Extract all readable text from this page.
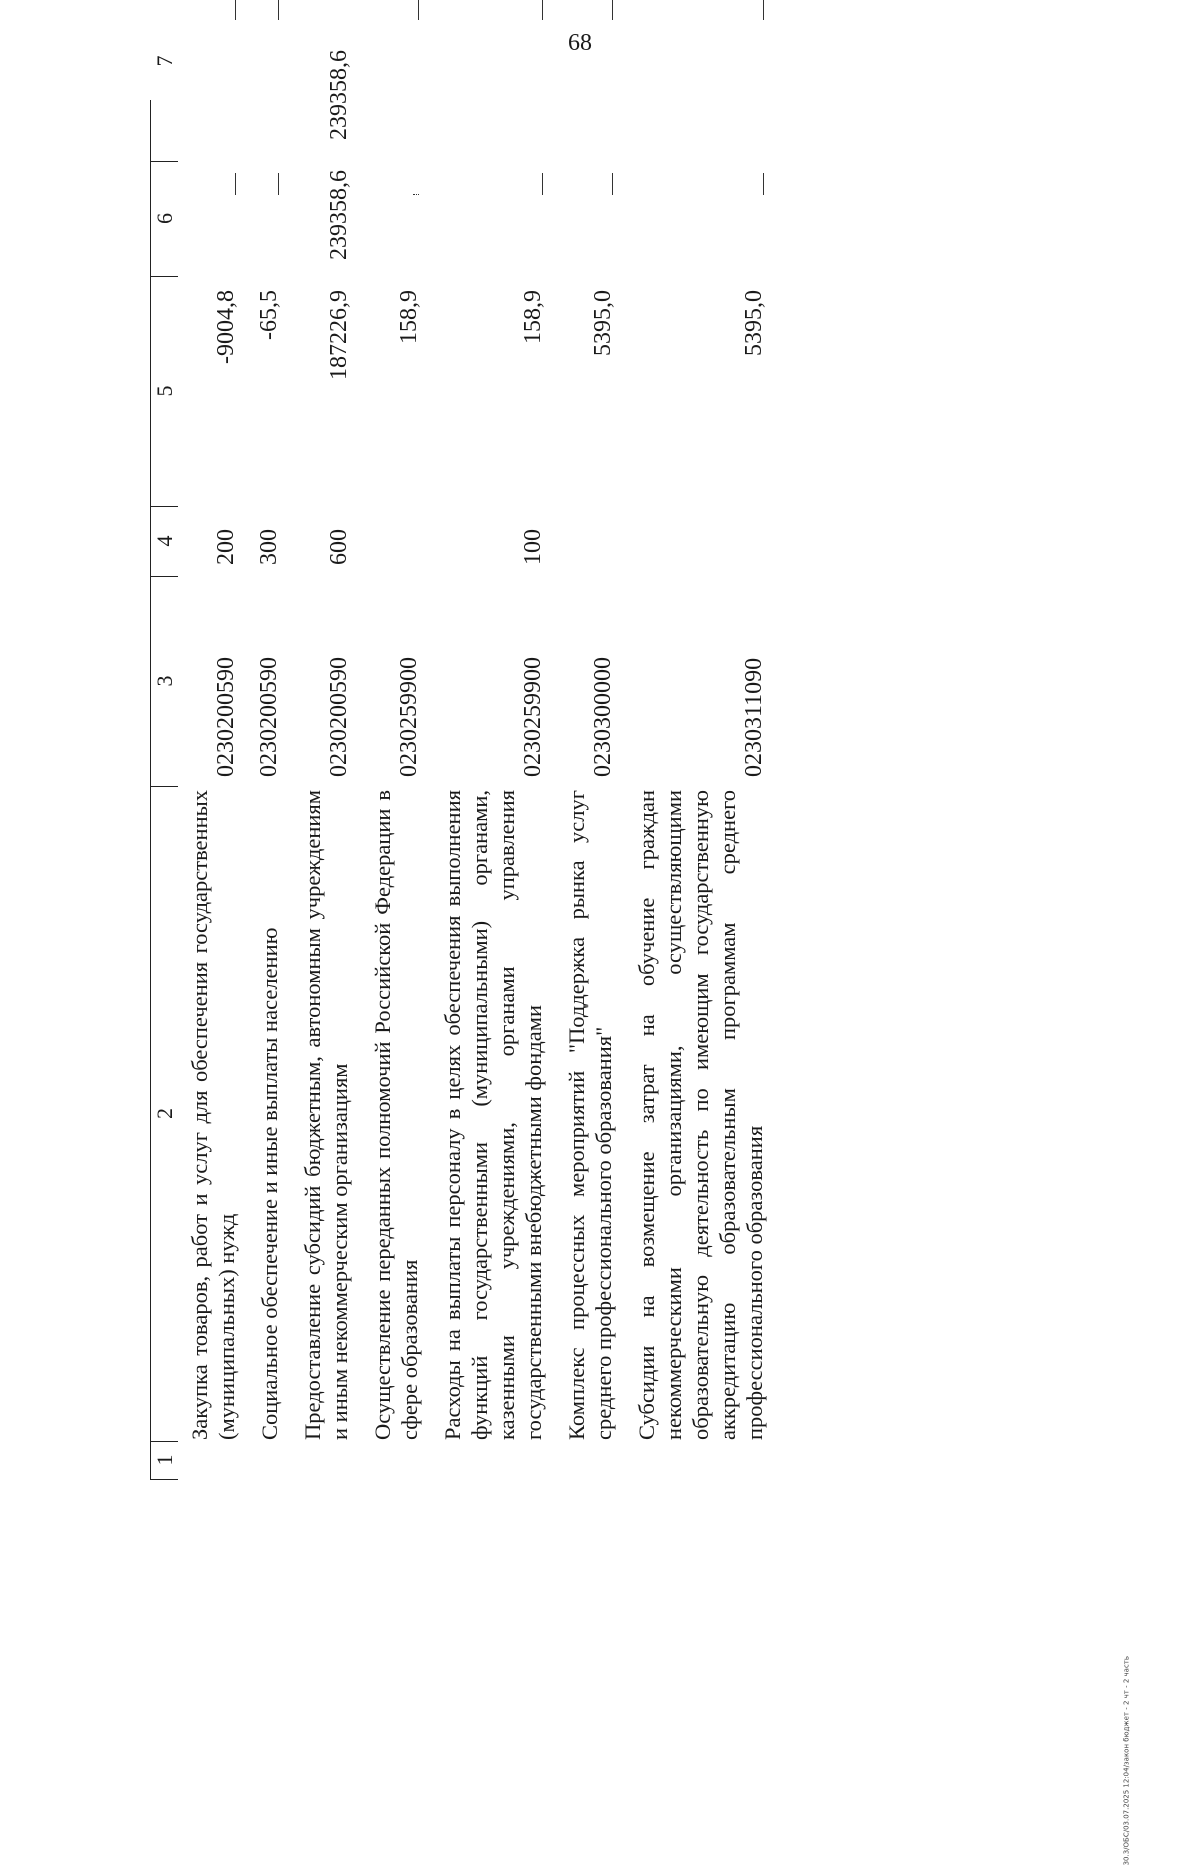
68
1
2
3
4
5
6
7
Закупка товаров, работ и услуг для обеспечения государственных (муниципальных) нужд
0230200590
200
-9004,8
Социальное обеспечение и иные выплаты населению
0230200590
300
-65,5
Предоставление субсидий бюджетным, автономным учреждениям и иным некоммерческим организациям
0230200590
600
187226,9
239358,6
239358,6
Осуществление переданных полномочий Российской Федерации в сфере образования
0230259900
158,9
Расходы на выплаты персоналу в целях обеспечения выполнения функций государственными (муниципальными) органами, казенными учреждениями, органами управления государственными внебюджетными фондами
0230259900
100
158,9
Комплекс процессных мероприятий "Поддержка рынка услуг среднего профессионального образования"
0230300000
5395,0
Субсидии на возмещение затрат на обучение граждан некоммерческими организациями, осуществляющими образовательную деятельность по имеющим государственную аккредитацию образовательным программам среднего профессионального образования
0230311090
5395,0
30.3/ОБС/03.07.2025 12:04/закон бюджет - 2 чт - 2 часть
